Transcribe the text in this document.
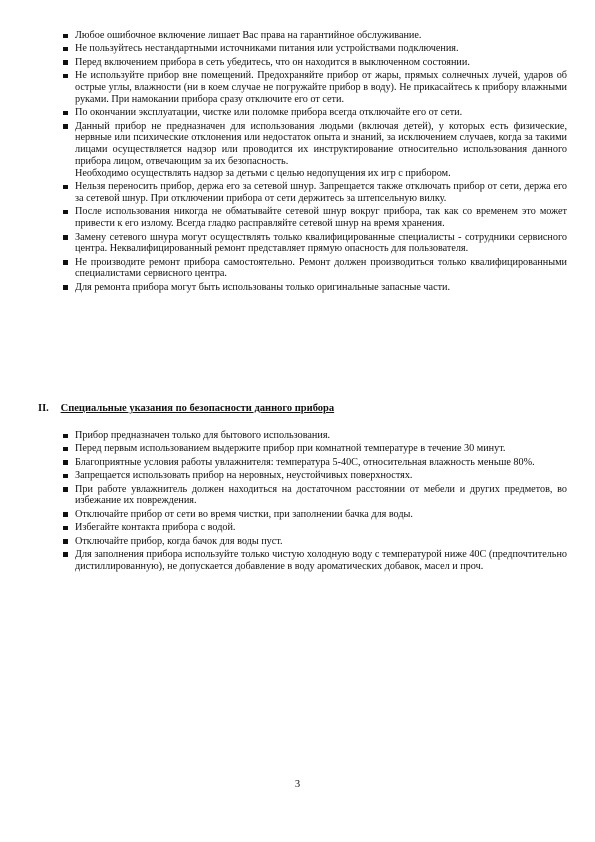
Любое ошибочное включение лишает Вас права на гарантийное обслуживание.
Не пользуйтесь нестандартными источниками питания или устройствами подключения.
Перед включением прибора в сеть убедитесь, что он находится в выключенном состоянии.
Не используйте прибор вне помещений. Предохраняйте прибор от жары, прямых солнечных лучей, ударов об острые углы, влажности (ни в коем случае не погружайте прибор в воду). Не прикасайтесь к прибору влажными руками. При намокании прибора сразу отключите его от сети.
По окончании эксплуатации, чистке или поломке прибора всегда отключайте его от сети.
Данный прибор не предназначен для использования людьми (включая детей), у которых есть физические, нервные или психические отклонения или недостаток опыта и знаний, за исключением случаев, когда за такими лицами осуществляется надзор или проводится их инструктирование относительно использования данного прибора лицом, отвечающим за их безопасность.
Необходимо осуществлять надзор за детьми с целью недопущения их игр с прибором.
Нельзя переносить прибор, держа его за сетевой шнур. Запрещается также отключать прибор от сети, держа его за сетевой шнур. При отключении прибора от сети держитесь за штепсельную вилку.
После использования никогда не обматывайте сетевой шнур вокруг прибора, так как со временем это может привести к его излому. Всегда гладко расправляйте сетевой шнур на время хранения.
Замену сетевого шнура могут осуществлять только квалифицированные специалисты - сотрудники сервисного центра. Неквалифицированный ремонт представляет прямую опасность для пользователя.
Не производите ремонт прибора самостоятельно. Ремонт должен производиться только квалифицированными специалистами сервисного центра.
Для ремонта прибора могут быть использованы только оригинальные запасные части.
II. Специальные указания по безопасности данного прибора
Прибор предназначен только для бытового использования.
Перед первым использованием выдержите прибор при комнатной температуре в течение 30 минут.
Благоприятные условия работы увлажнителя: температура 5-40С, относительная влажность меньше 80%.
Запрещается использовать прибор на неровных, неустойчивых поверхностях.
При работе увлажнитель должен находиться на достаточном расстоянии от мебели и других предметов, во избежание их повреждения.
Отключайте прибор от сети во время чистки, при заполнении бачка для воды.
Избегайте контакта прибора с водой.
Отключайте прибор, когда бачок для воды пуст.
Для заполнения прибора используйте только чистую холодную воду с температурой ниже 40С (предпочтительно дистиллированную), не допускается добавление в воду ароматических добавок, масел и проч.
3
